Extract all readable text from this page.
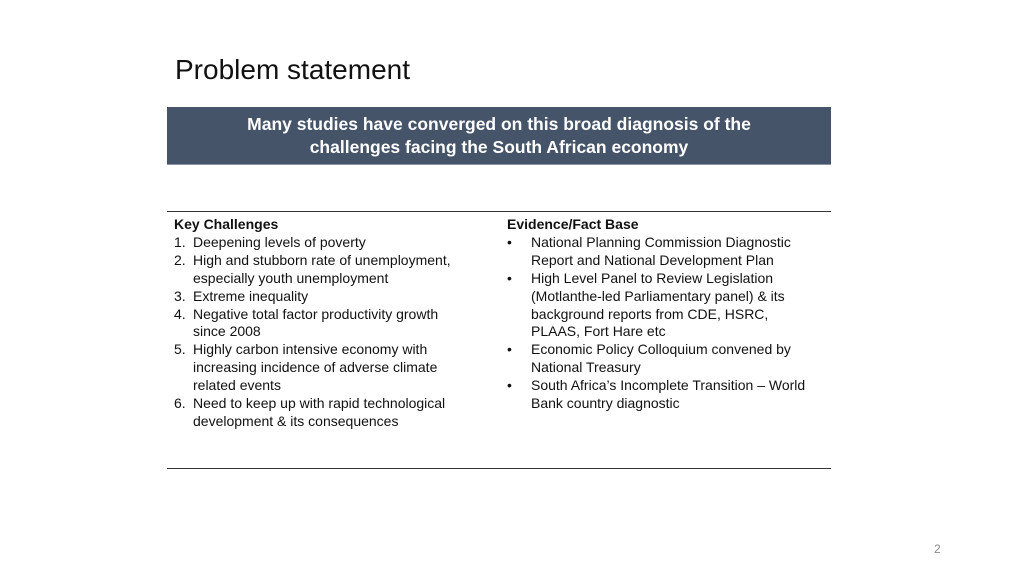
Problem statement
Many studies have converged on this broad diagnosis of the
challenges facing the South African economy
Key Challenges
1. Deepening levels of poverty
2. High and stubborn rate of unemployment,
especially youth unemployment
3. Extreme inequality
4. Negative total factor productivity growth
since 2008
5. Highly carbon intensive economy with
increasing incidence of adverse climate
related events
6. Need to keep up with rapid technological
development & its consequences
Evidence/Fact Base
• National Planning Commission Diagnostic
Report and National Development Plan
• High Level Panel to Review Legislation
(Motlanthe-led Parliamentary panel) & its
background reports from CDE, HSRC,
PLAAS, Fort Hare etc
• Economic Policy Colloquium convened by
National Treasury
• South Africa’s Incomplete Transition – World
Bank country diagnostic
2
